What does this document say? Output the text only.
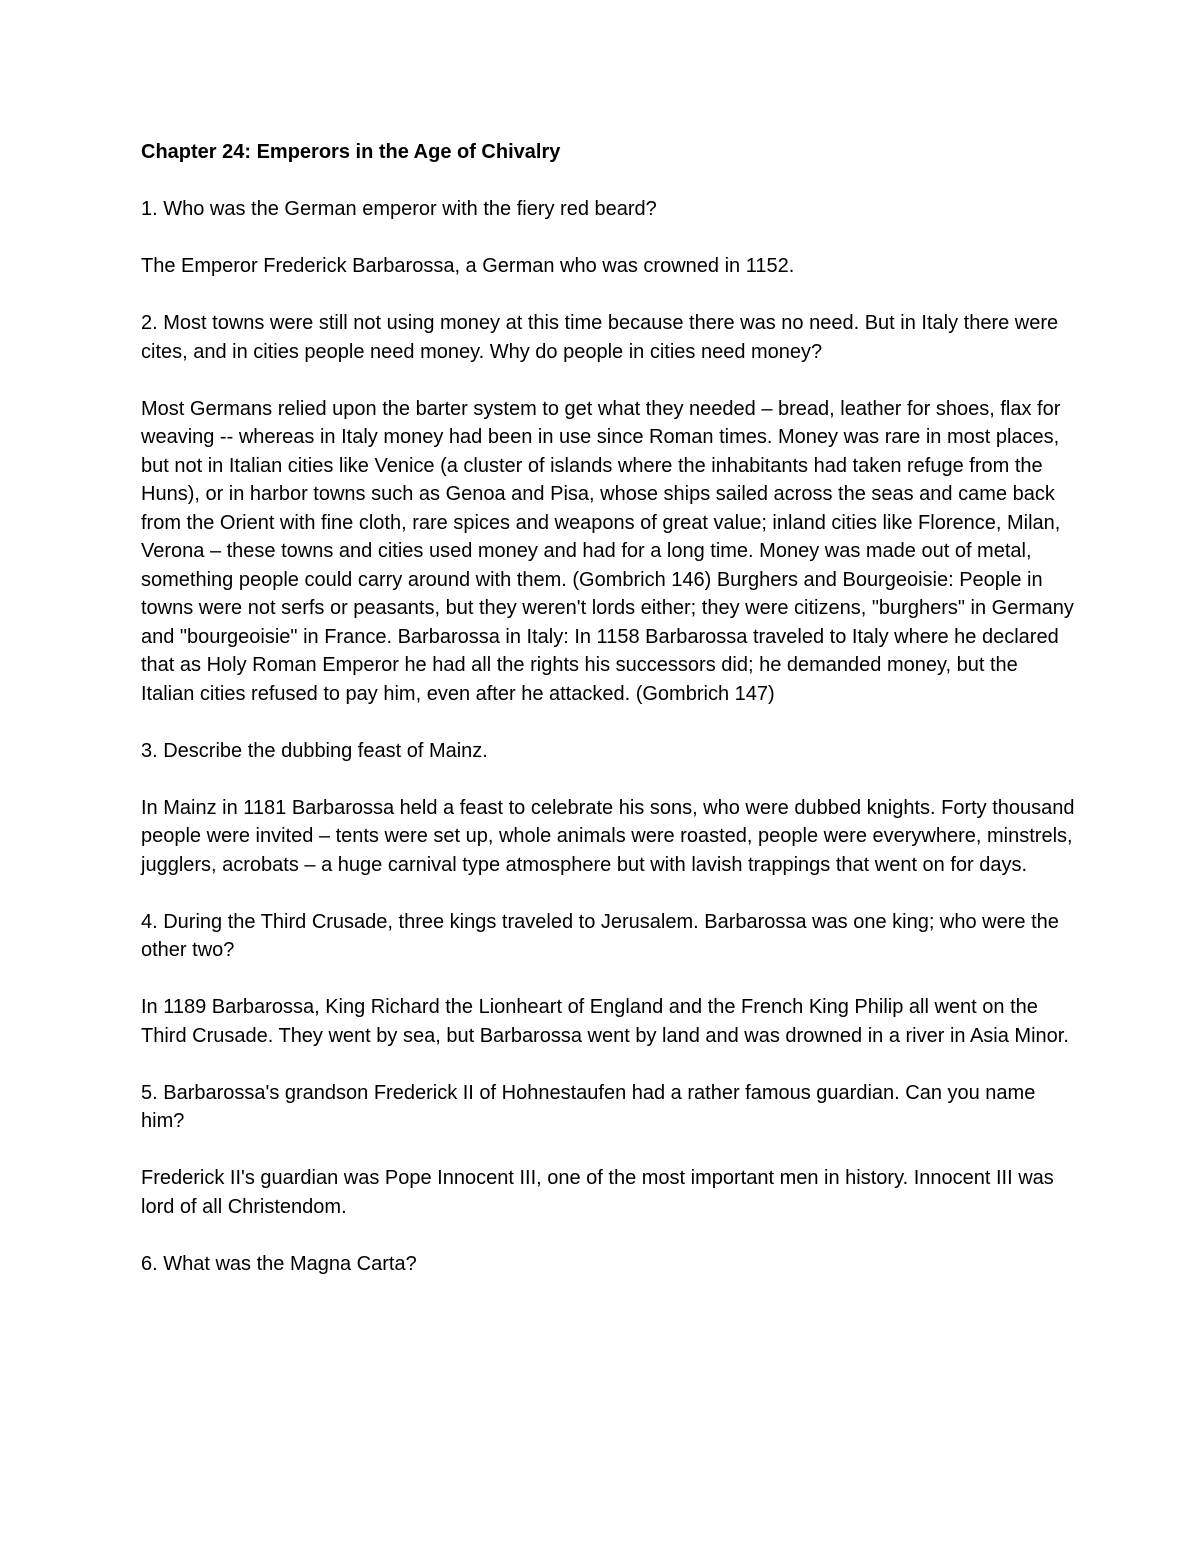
Chapter 24: Emperors in the Age of Chivalry
1. Who was the German emperor with the fiery red beard?
The Emperor Frederick Barbarossa, a German who was crowned in 1152.
2. Most towns were still not using money at this time because there was no need. But in Italy there were cites, and in cities people need money. Why do people in cities need money?
Most Germans relied upon the barter system to get what they needed – bread, leather for shoes, flax for weaving -- whereas in Italy money had been in use since Roman times. Money was rare in most places, but not in Italian cities like Venice (a cluster of islands where the inhabitants had taken refuge from the Huns), or in harbor towns such as Genoa and Pisa, whose ships sailed across the seas and came back from the Orient with fine cloth, rare spices and weapons of great value; inland cities like Florence, Milan, Verona – these towns and cities used money and had for a long time. Money was made out of metal, something people could carry around with them. (Gombrich 146) Burghers and Bourgeoisie: People in towns were not serfs or peasants, but they weren't lords either; they were citizens, "burghers" in Germany and "bourgeoisie" in France. Barbarossa in Italy: In 1158 Barbarossa traveled to Italy where he declared that as Holy Roman Emperor he had all the rights his successors did; he demanded money, but the Italian cities refused to pay him, even after he attacked. (Gombrich 147)
3. Describe the dubbing feast of Mainz.
In Mainz in 1181 Barbarossa held a feast to celebrate his sons, who were dubbed knights. Forty thousand people were invited – tents were set up, whole animals were roasted, people were everywhere, minstrels, jugglers, acrobats – a huge carnival type atmosphere but with lavish trappings that went on for days.
4. During the Third Crusade, three kings traveled to Jerusalem. Barbarossa was one king; who were the other two?
In 1189 Barbarossa, King Richard the Lionheart of England and the French King Philip all went on the Third Crusade. They went by sea, but Barbarossa went by land and was drowned in a river in Asia Minor.
5. Barbarossa's grandson Frederick II of Hohnestaufen had a rather famous guardian. Can you name him?
Frederick II's guardian was Pope Innocent III, one of the most important men in history. Innocent III was lord of all Christendom.
6. What was the Magna Carta?
